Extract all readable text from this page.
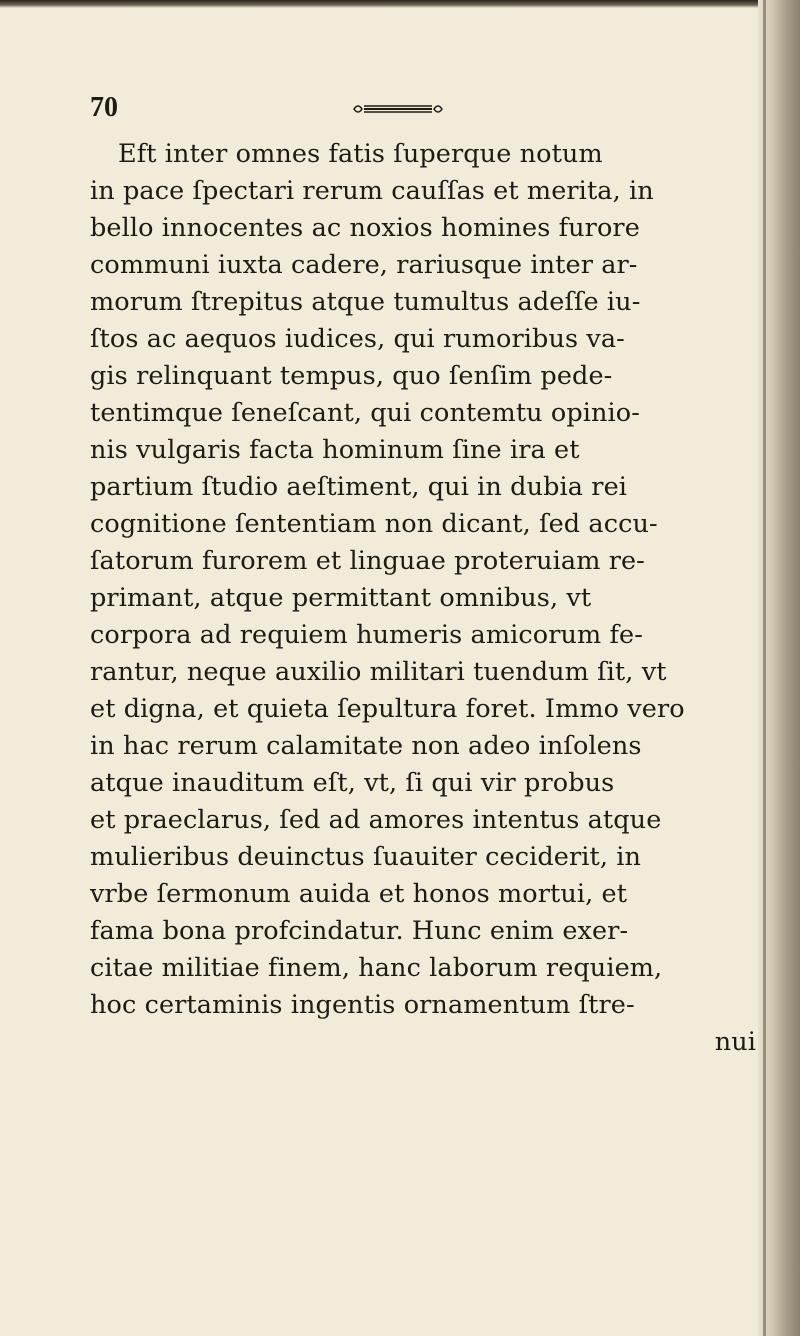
70
Eft inter omnes fatis ſuperque notum
in pace ſpectari rerum cauſſas et merita, in
bello innocentes ac noxios homines furore
communi iuxta cadere, rariusque inter ar-
morum ſtrepitus atque tumultus adeſſe iu-
ſtos ac aequos iudices, qui rumoribus va-
gis relinquant tempus, quo ſenſim pede-
tentimque ſeneſcant, qui contemtu opinio-
nis vulgaris facta hominum ſine ira et
partium ſtudio aeſtiment, qui in dubia rei
cognitione ſententiam non dicant, ſed accu-
ſatorum furorem et linguae proteruiam re-
primant, atque permittant omnibus, vt
corpora ad requiem humeris amicorum fe-
rantur, neque auxilio militari tuendum ſit, vt
et digna, et quieta ſepultura foret. Immo vero
in hac rerum calamitate non adeo inſolens
atque inauditum eſt, vt, ſi qui vir probus
et praeclarus, ſed ad amores intentus atque
mulieribus deuinctus ſuauiter ceciderit, in
vrbe ſermonum auida et honos mortui, et
fama bona profcindatur. Hunc enim exer-
citae militiae finem, hanc laborum requiem,
hoc certaminis ingentis ornamentum ſtre-
nui
